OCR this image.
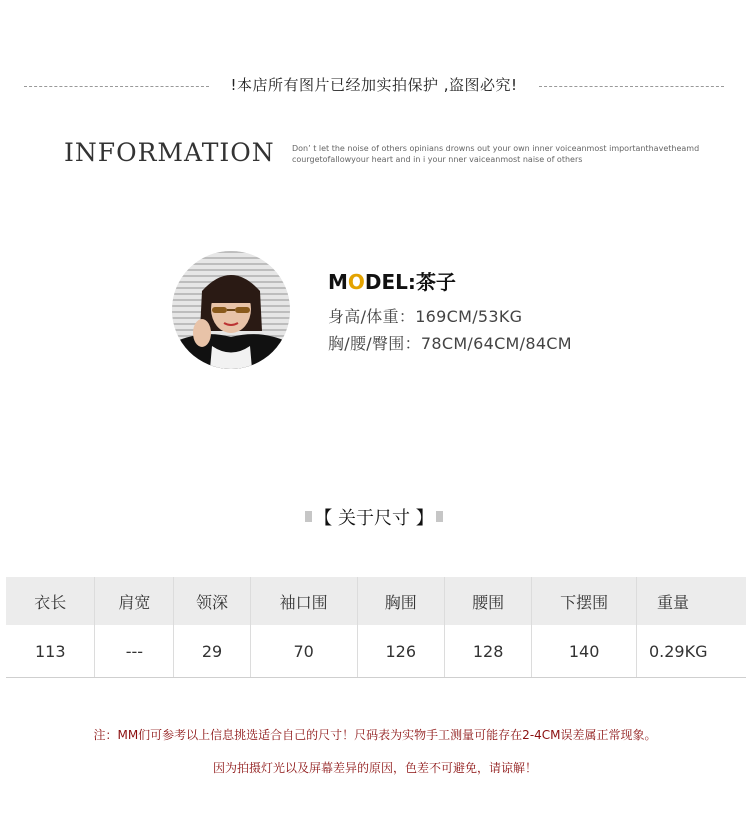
!本店所有图片已经加实拍保护 ,盗图必究!
INFORMATION Don’ t let the noise of others opinians drowns out your own inner voiceanmost importanthavetheamd
courgetofallowyour heart and in i your nner vaiceanmost naise of others
MODEL:茶子
身高/体重：169CM/53KG
胸/腰/臀围：78CM/64CM/84CM
【 关于尺寸 】
衣长	肩宽	领深	袖口围	胸围	腰围	下摆围	重量
113	---	29	70	126	128	140	0.29KG
注：MM们可参考以上信息挑选适合自己的尺寸！尺码表为实物手工测量可能存在2-4CM误差属正常现象。
因为拍摄灯光以及屏幕差异的原因，色差不可避免，请谅解！
